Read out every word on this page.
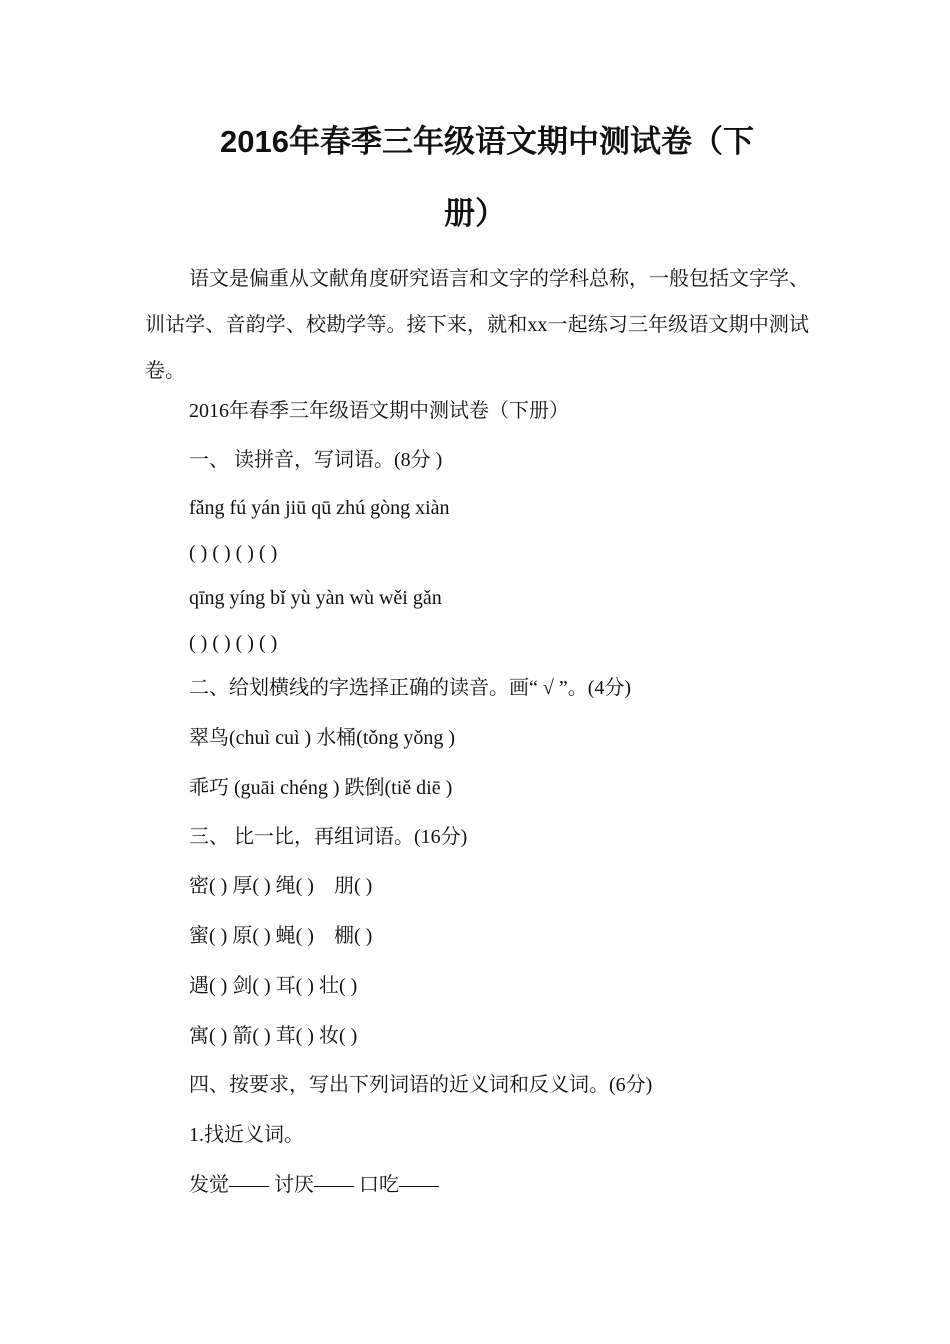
2016年春季三年级语文期中测试卷（下
册）
语文是偏重从文献角度研究语言和文字的学科总称，一般包括文字学、训诂学、音韵学、校勘学等。接下来，就和xx一起练习三年级语文期中测试卷。
2016年春季三年级语文期中测试卷（下册）
一、 读拼音，写词语。(8分 )
fǎng fú yán jiū qū zhú gòng xiàn
( ) ( ) ( ) ( )
qīng yíng bǐ yù yàn wù wěi gǎn
( ) ( ) ( ) ( )
二、给划横线的字选择正确的读音。画“ √ ”。(4分)
翠鸟(chuì cuì ) 水桶(tǒng yǒng )
乖巧 (guāi chéng ) 跌倒(tiě diē )
三、 比一比，再组词语。(16分)
密( ) 厚( ) 绳( )    朋( )
蜜( ) 原( ) 蝇( )    棚( )
遇( ) 剑( ) 耳( ) 壮( )
寓( ) 箭( ) 茸( ) 妆( )
四、按要求，写出下列词语的近义词和反义词。(6分)
1.找近义词。
发觉—— 讨厌—— 口吃——
